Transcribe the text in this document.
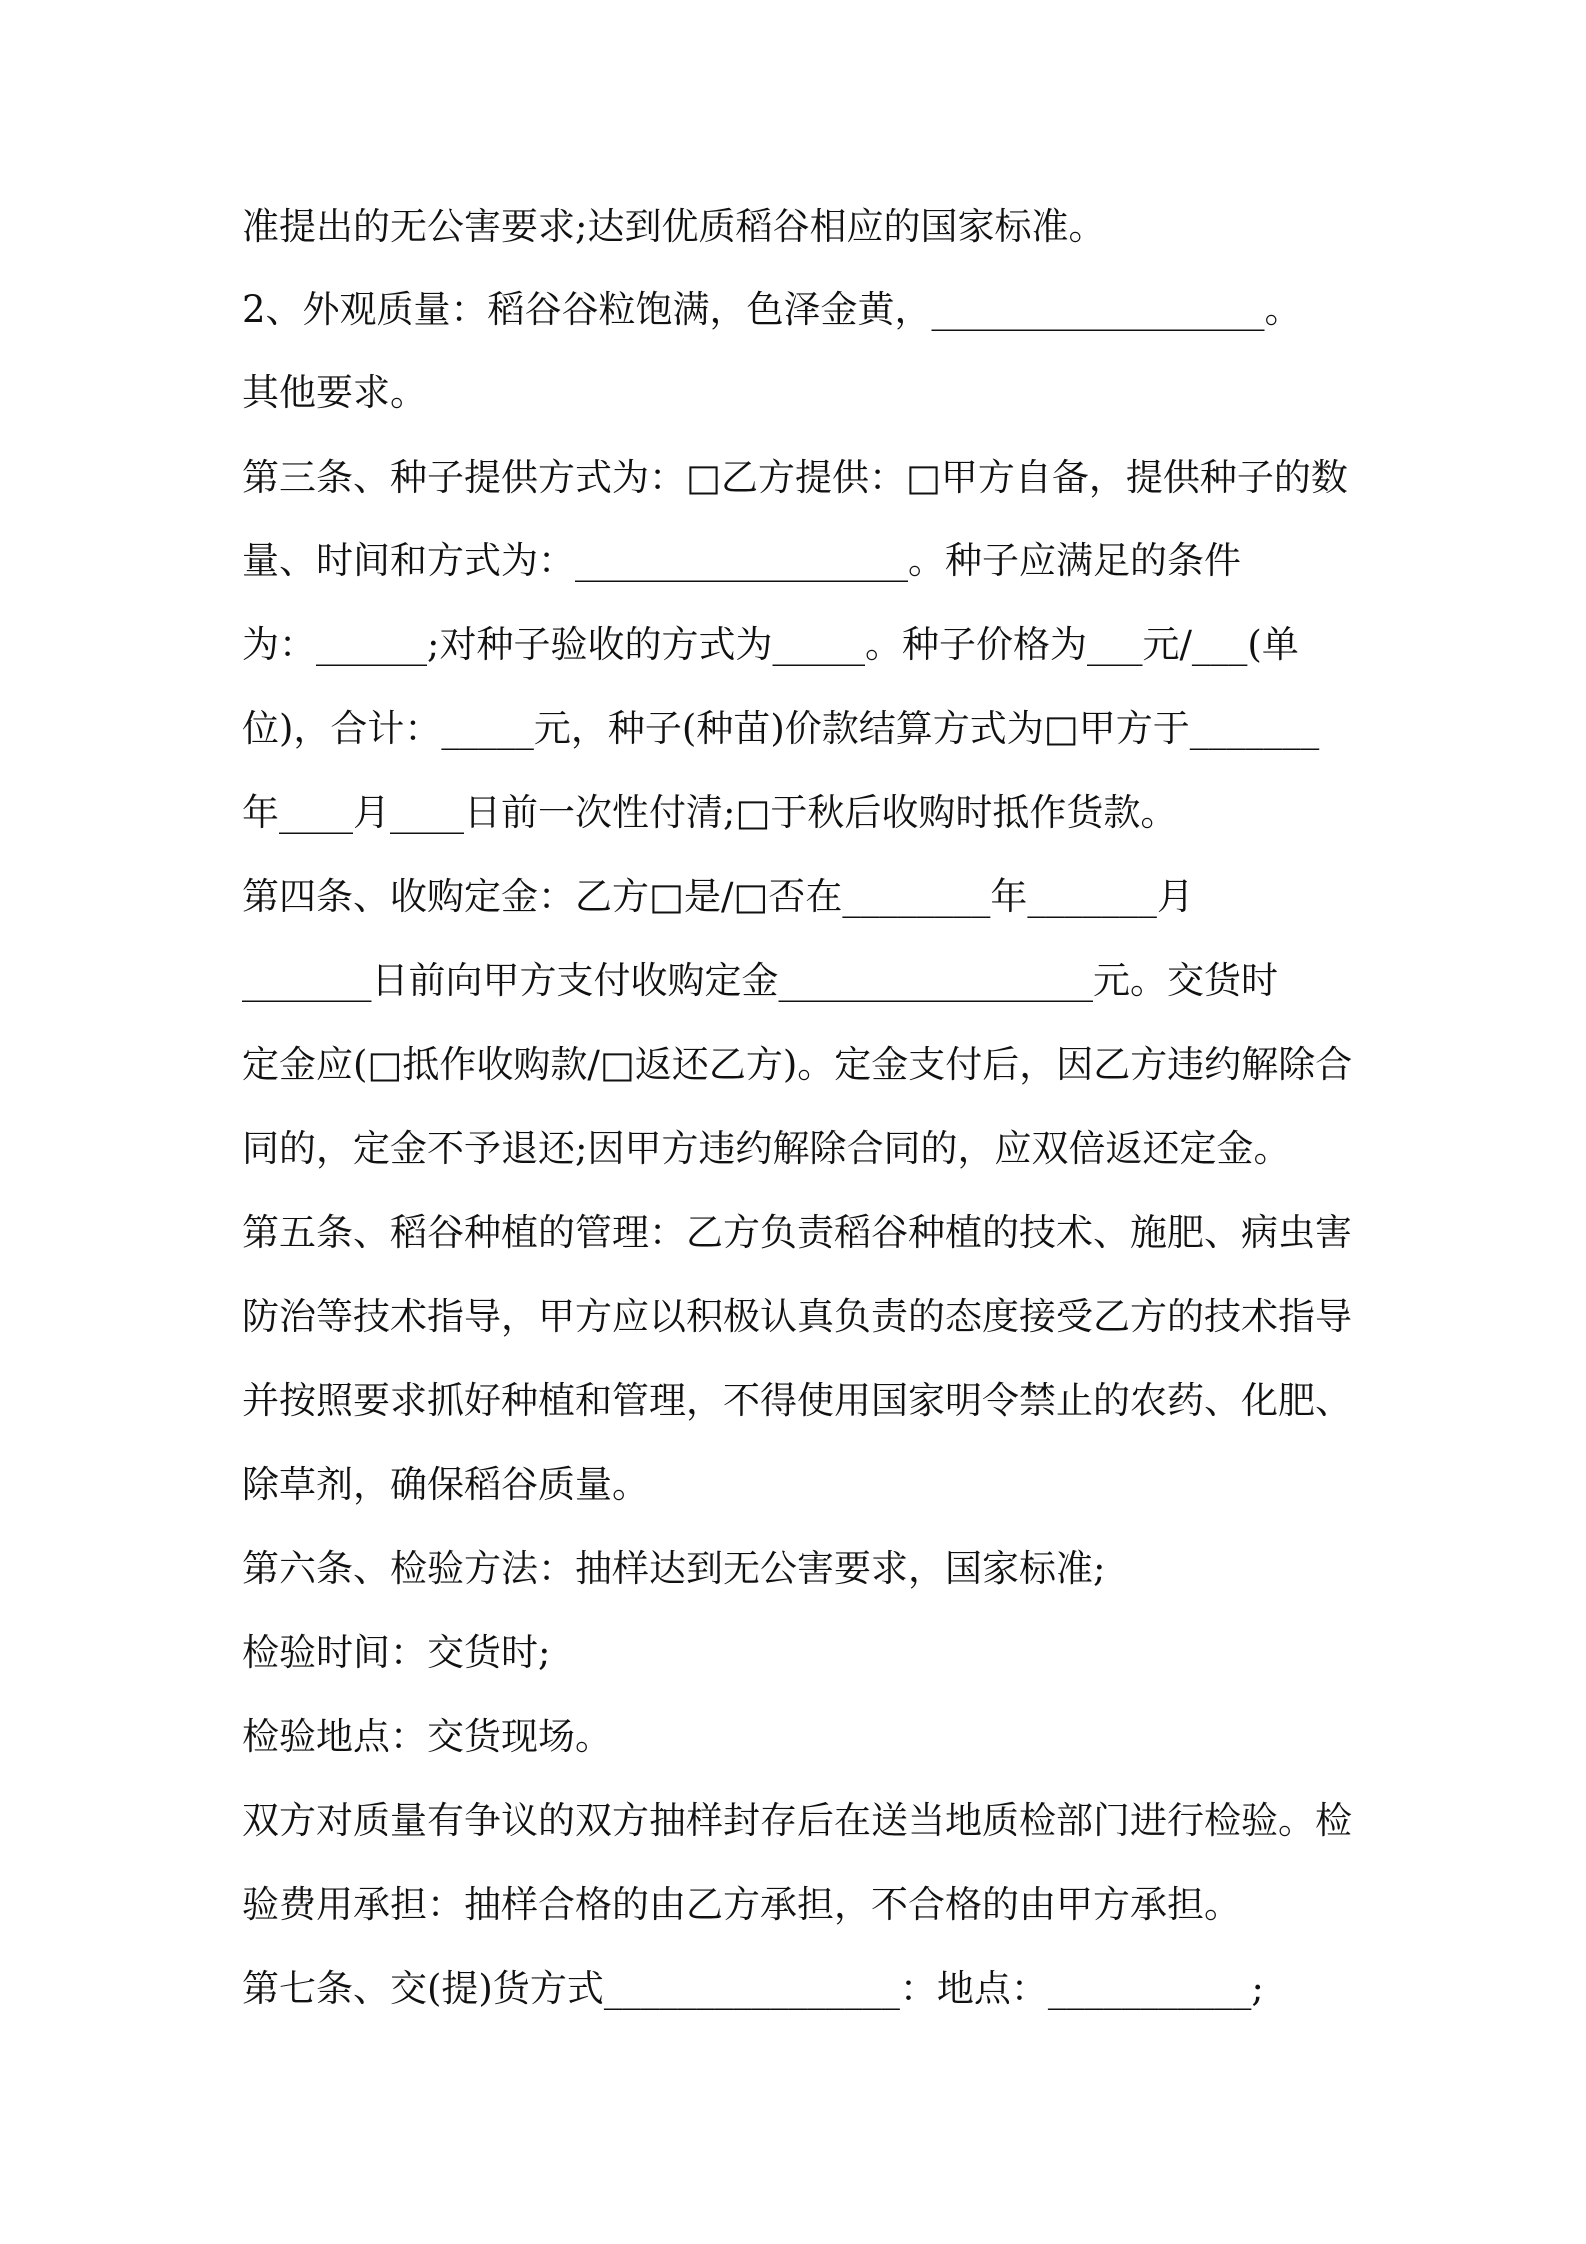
准提出的无公害要求;达到优质稻谷相应的国家标准。
2、外观质量：稻谷谷粒饱满，色泽金黄，__________________。
其他要求。
第三条、种子提供方式为：□乙方提供：□甲方自备，提供种子的数
量、时间和方式为：__________________。种子应满足的条件
为：______;对种子验收的方式为_____。种子价格为___元/___(单
位)，合计：_____元，种子(种苗)价款结算方式为□甲方于_______
年____月____日前一次性付清;□于秋后收购时抵作货款。
第四条、收购定金：乙方□是/□否在________年_______月
_______日前向甲方支付收购定金_________________元。交货时
定金应(□抵作收购款/□返还乙方)。定金支付后，因乙方违约解除合
同的，定金不予退还;因甲方违约解除合同的，应双倍返还定金。
第五条、稻谷种植的管理：乙方负责稻谷种植的技术、施肥、病虫害
防治等技术指导，甲方应以积极认真负责的态度接受乙方的技术指导
并按照要求抓好种植和管理，不得使用国家明令禁止的农药、化肥、
除草剂，确保稻谷质量。
第六条、检验方法：抽样达到无公害要求，国家标准;
检验时间：交货时;
检验地点：交货现场。
双方对质量有争议的双方抽样封存后在送当地质检部门进行检验。检
验费用承担：抽样合格的由乙方承担，不合格的由甲方承担。
第七条、交(提)货方式________________：地点：___________;
